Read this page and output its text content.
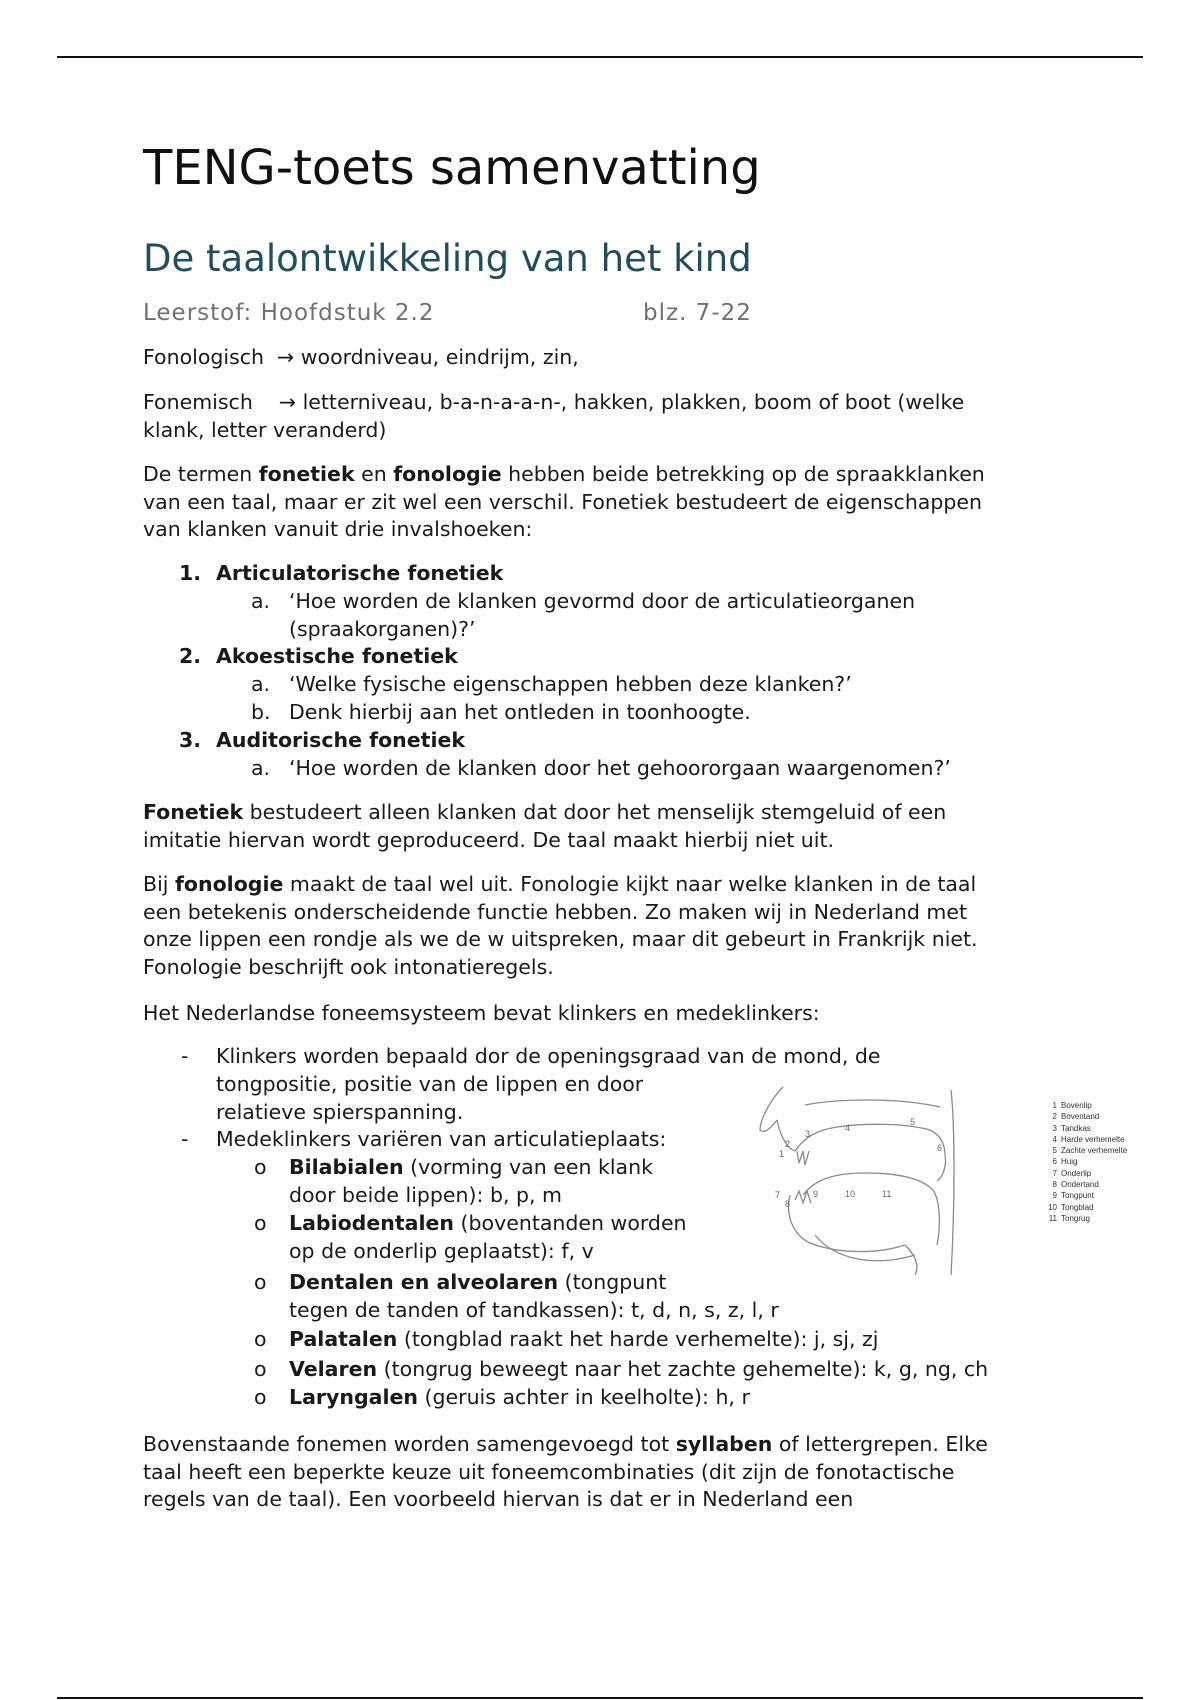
TENG-toets samenvatting
De taalontwikkeling van het kind
Leerstof: Hoofdstuk 2.2	blz. 7-22

Fonologisch  → woordniveau, eindrijm, zin,

Fonemisch    → letterniveau, b-a-n-a-a-n-, hakken, plakken, boom of boot (welke

klank, letter veranderd)

De termen fonetiek en fonologie hebben beide betrekking op de spraakklanken

van een taal, maar er zit wel een verschil. Fonetiek bestudeert de eigenschappen

van klanken vanuit drie invalshoeken:

1. Articulatorische fonetiek
a. ‘Hoe worden de klanken gevormd door de articulatieorganen
(spraakorganen)?’
2. Akoestische fonetiek
a. ‘Welke fysische eigenschappen hebben deze klanken?’
b. Denk hierbij aan het ontleden in toonhoogte.
3. Auditorische fonetiek
a. ‘Hoe worden de klanken door het gehoororgaan waargenomen?’

Fonetiek bestudeert alleen klanken dat door het menselijk stemgeluid of een

imitatie hiervan wordt geproduceerd. De taal maakt hierbij niet uit.

Bij fonologie maakt de taal wel uit. Fonologie kijkt naar welke klanken in de taal

een betekenis onderscheidende functie hebben. Zo maken wij in Nederland met

onze lippen een rondje als we de w uitspreken, maar dit gebeurt in Frankrijk niet.

Fonologie beschrijft ook intonatieregels.

Het Nederlandse foneemsysteem bevat klinkers en medeklinkers:

- Klinkers worden bepaald dor de openingsgraad van de mond, de
tongpositie, positie van de lippen en door
relatieve spierspanning.
- Medeklinkers variëren van articulatieplaats:
o Bilabialen (vorming van een klank
door beide lippen): b, p, m
o Labiodentalen (boventanden worden
op de onderlip geplaatst): f, v
o Dentalen en alveolaren (tongpunt
tegen de tanden of tandkassen): t, d, n, s, z, l, r
o Palatalen (tongblad raakt het harde verhemelte): j, sj, zj
o Velaren (tongrug beweegt naar het zachte gehemelte): k, g, ng, ch
o Laryngalen (geruis achter in keelholte): h, r

Bovenstaande fonemen worden samengevoegd tot syllaben of lettergrepen. Elke

taal heeft een beperkte keuze uit foneemcombinaties (dit zijn de fonotactische

regels van de taal). Een voorbeeld hiervan is dat er in Nederland een

1
2
3
4
5
6
7
8
9	10	11
1 Bovenlip
2 Boventand
3 Tandkas
4 Harde verhemelte
5 Zachte verhemelte
6 Huig
7 Onderlip
8 Ondertand
9 Tongpunt
10 Tongblad
11 Tongrug
